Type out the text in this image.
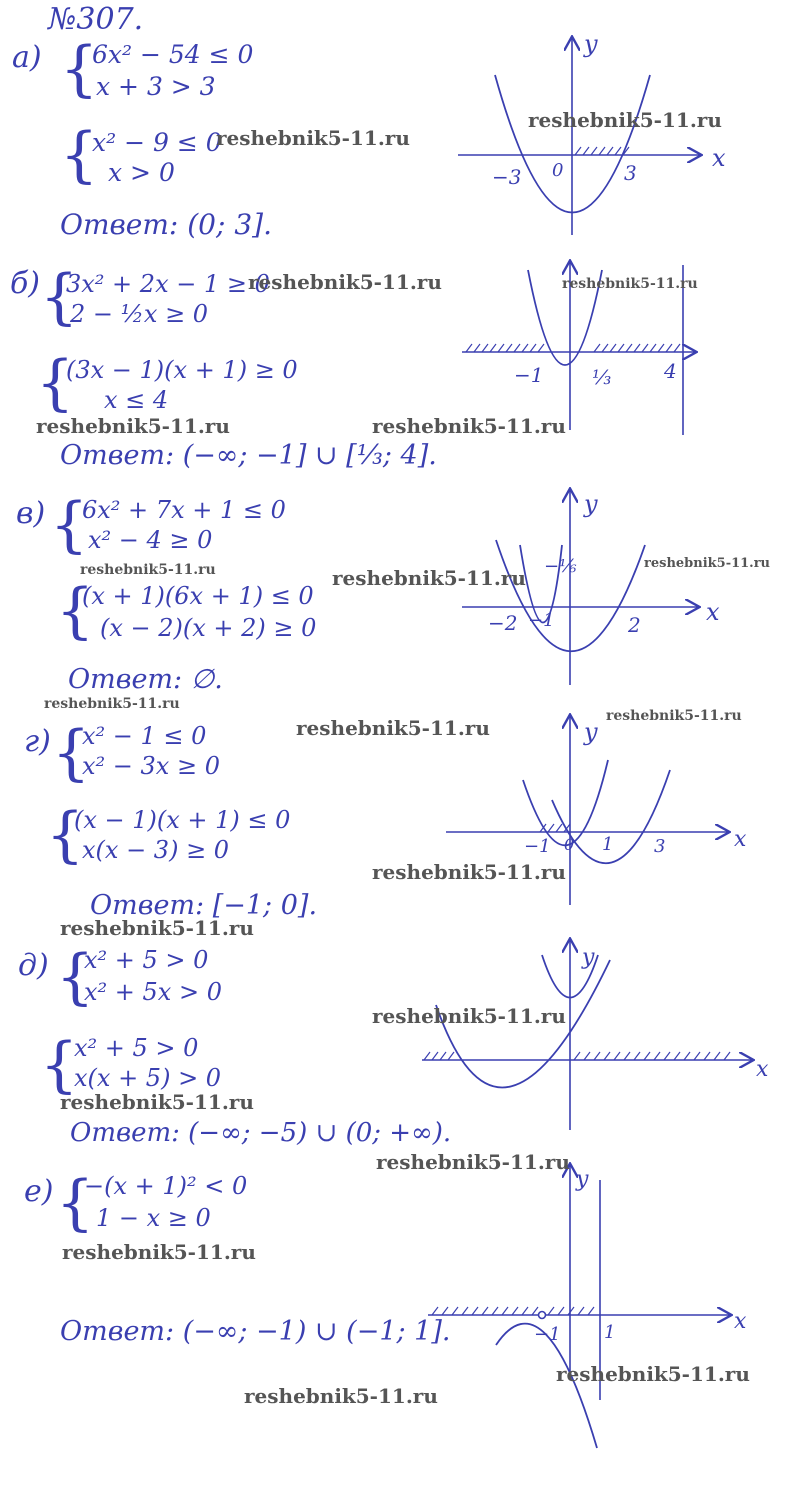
№307.
а) {
6x² − 54 ≤ 0
x + 3 > 3
{
x² − 9 ≤ 0
x > 0
Ответ: (0; 3].
б) {
3x² + 2x − 1 ≥ 0
2 − ½x ≥ 0
{
(3x − 1)(x + 1) ≥ 0
x ≤ 4
Ответ: (−∞; −1] ∪ [⅓; 4].
в) {
6x² + 7x + 1 ≤ 0
x² − 4 ≥ 0
{
(x + 1)(6x + 1) ≤ 0
(x − 2)(x + 2) ≥ 0
Ответ: ∅.
г) {
x² − 1 ≤ 0
x² − 3x ≥ 0
{
(x − 1)(x + 1) ≤ 0
x(x − 3) ≥ 0
Ответ: [−1; 0].
д) {
x² + 5 > 0
x² + 5x > 0
{
x² + 5 > 0
x(x + 5) > 0
Ответ: (−∞; −5) ∪ (0; +∞).
е) {
−(x + 1)² < 0
1 − x ≥ 0
Ответ: (−∞; −1) ∪ (−1; 1].
y
x
−3 0	3
−1 ⅓	4
y
x
−2 −1
−⅙
2
y
x
−1 0 1 3
y
x
y
x
−1 1
reshebnik5-11.ru
reshebnik5-11.ru
reshebnik5-11.ru	reshebnik5-11.ru
reshebnik5-11.ru	reshebnik5-11.ru
reshebnik5-11.ru	reshebnik5-11.ru
reshebnik5-11.ru
reshebnik5-11.ru
reshebnik5-11.ru	reshebnik5-11.ru
reshebnik5-11.ru
reshebnik5-11.ru
reshebnik5-11.ru
reshebnik5-11.ru
reshebnik5-11.ru
reshebnik5-11.ru
reshebnik5-11.ru
reshebnik5-11.ru
